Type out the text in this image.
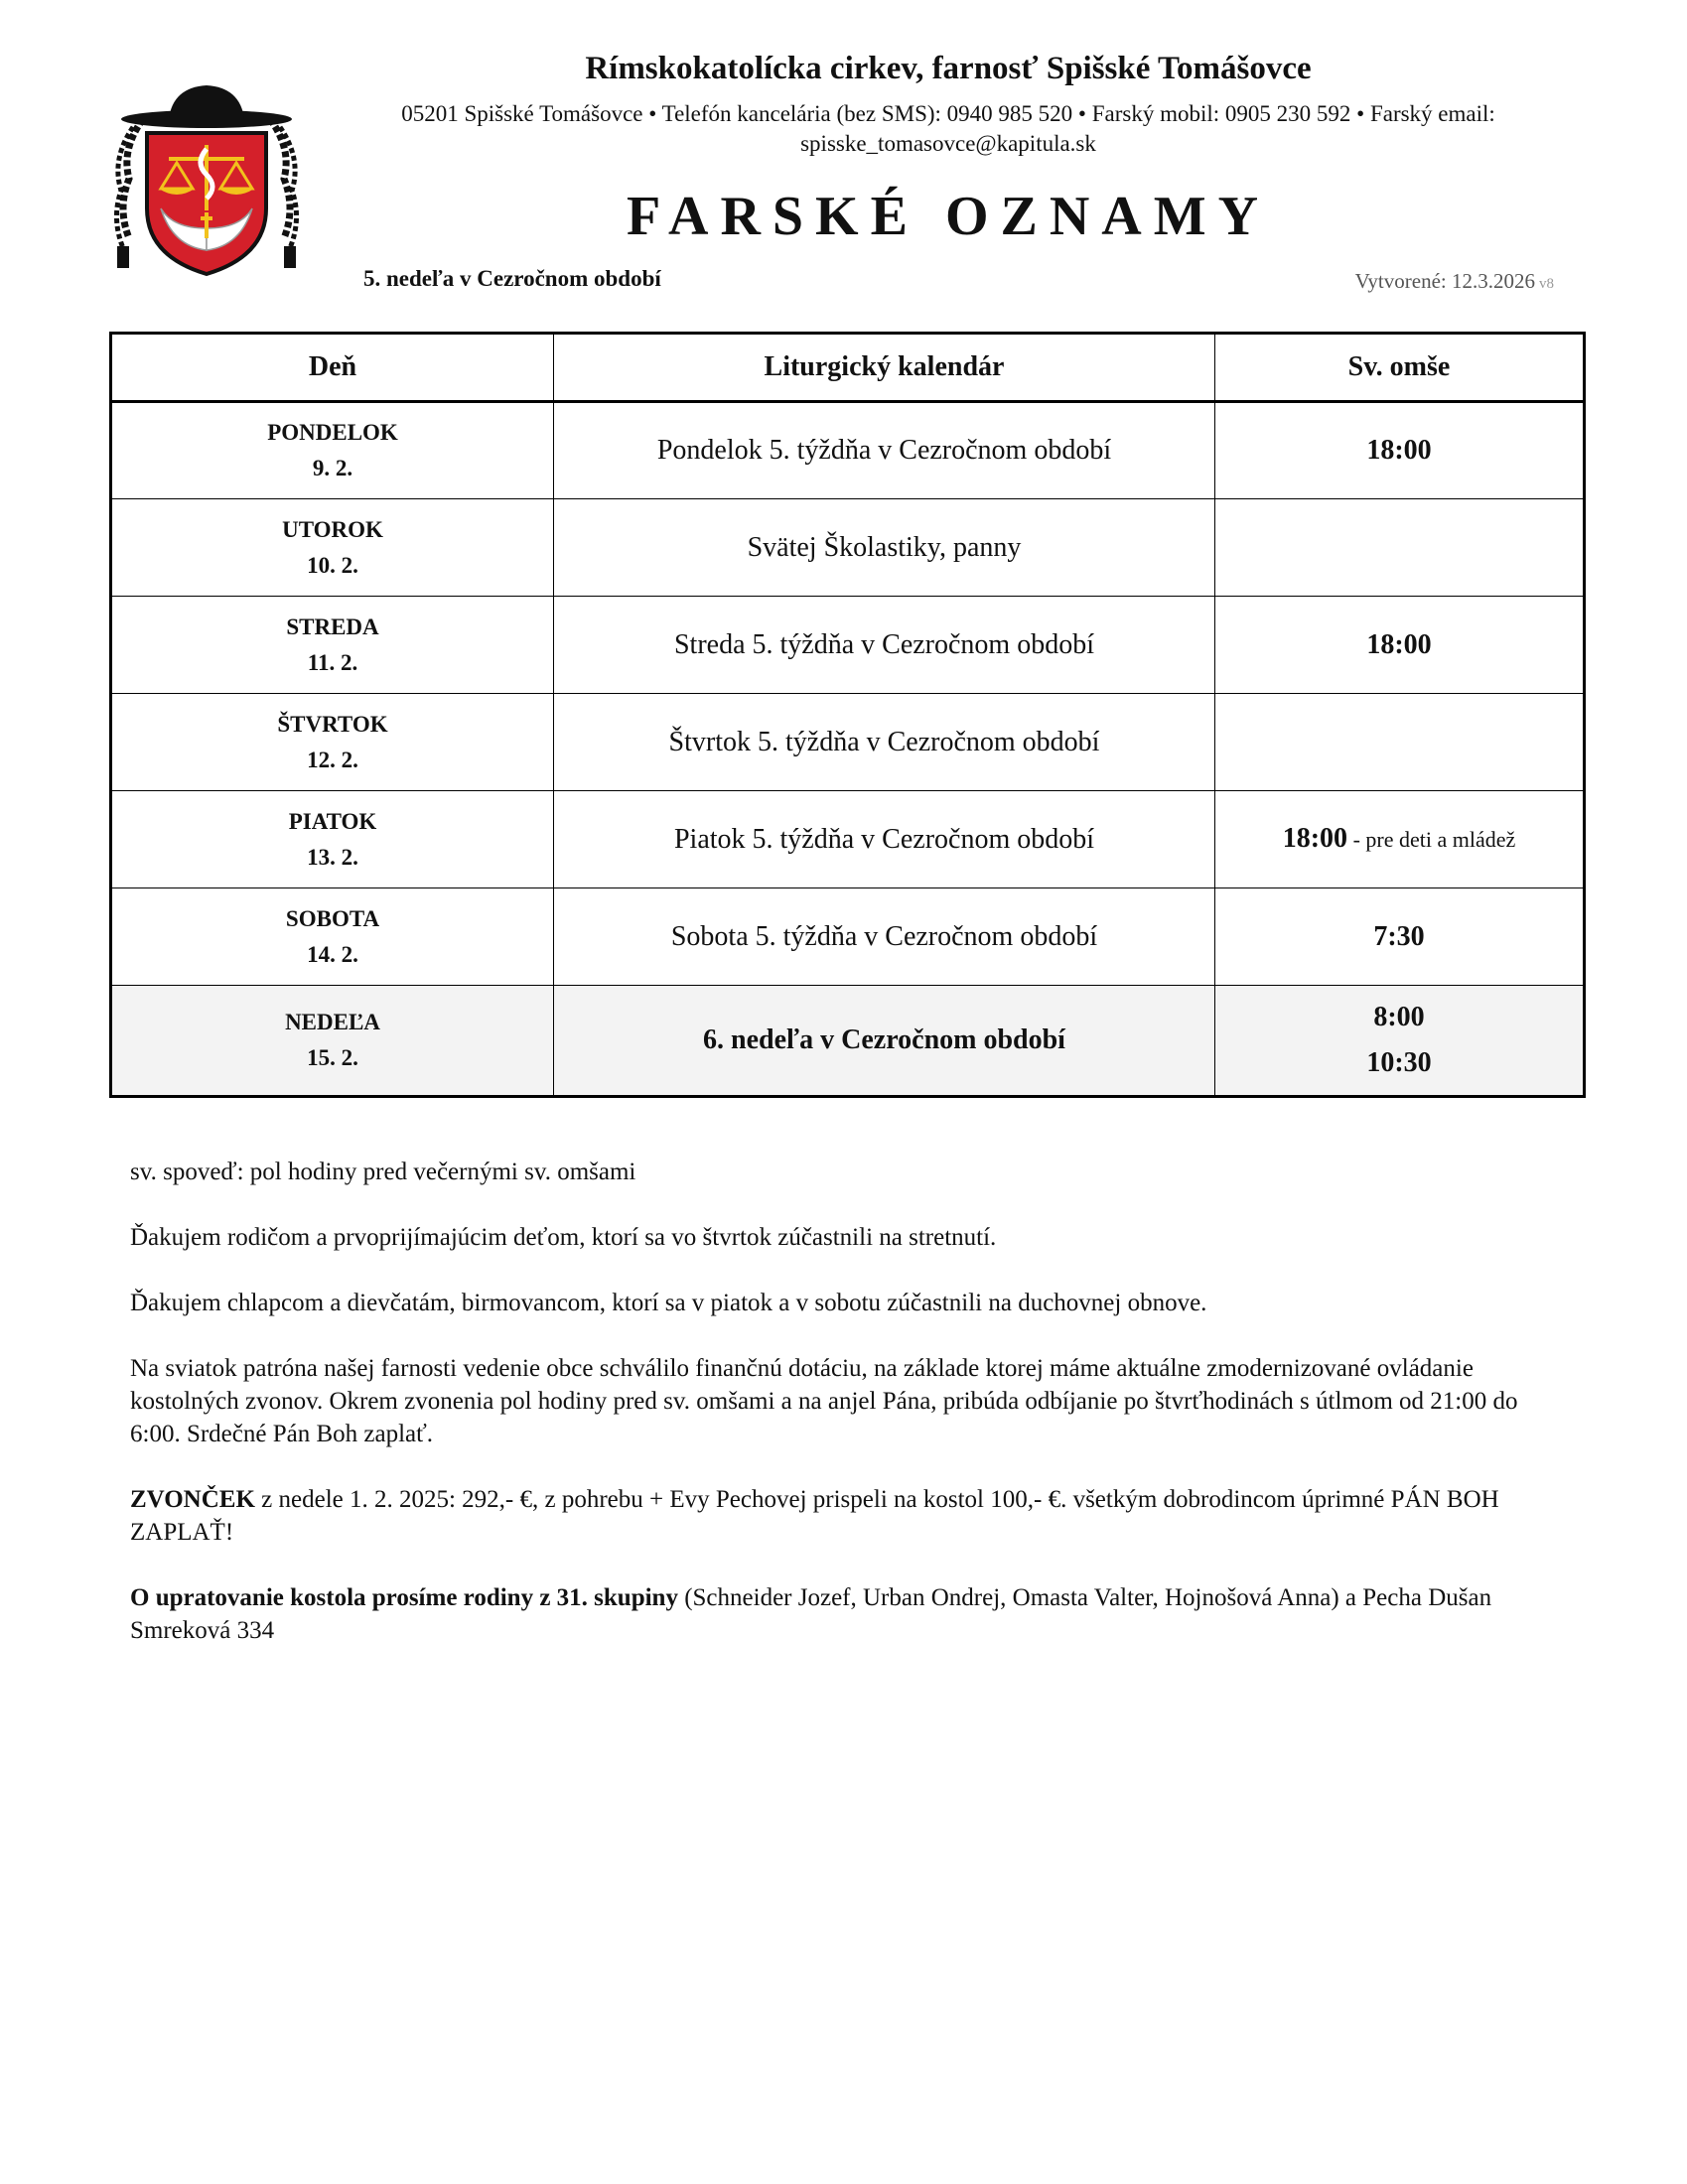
Rímskokatolícka cirkev, farnosť Spišské Tomášovce
05201 Spišské Tomášovce • Telefón kancelária (bez SMS): 0940 985 520 • Farský mobil: 0905 230 592 • Farský email: spisske_tomasovce@kapitula.sk
FARSKÉ OZNAMY
5. nedeľa v Cezročnom období	Vytvorené: 12.3.2026 v8
Deň	Liturgický kalendár	Sv. omše

PONDELOK
9. 2.	Pondelok 5. týždňa v Cezročnom období	18:00

UTOROK
10. 2.	Svätej Školastiky, panny	

STREDA
11. 2.	Streda 5. týždňa v Cezročnom období	18:00

ŠTVRTOK
12. 2.	Štvrtok 5. týždňa v Cezročnom období	

PIATOK
13. 2.	Piatok 5. týždňa v Cezročnom období	18:00 - pre deti a mládež

SOBOTA
14. 2.	Sobota 5. týždňa v Cezročnom období	7:30

NEDEĽA
15. 2.	6. nedeľa v Cezročnom období	8:00
10:30

sv. spoveď: pol hodiny pred večernými sv. omšami

Ďakujem rodičom a prvoprijímajúcim deťom, ktorí sa vo štvrtok zúčastnili na stretnutí.

Ďakujem chlapcom a dievčatám, birmovancom, ktorí sa v piatok a v sobotu zúčastnili na duchovnej obnove.

Na sviatok patróna našej farnosti vedenie obce schválilo finančnú dotáciu, na základe ktorej máme aktuálne zmodernizované ovládanie kostolných zvonov. Okrem zvonenia pol hodiny pred sv. omšami a na anjel Pána, pribúda odbíjanie po štvrťhodinách s útlmom od 21:00 do 6:00. Srdečné Pán Boh zaplať.

ZVONČEK z nedele 1. 2. 2025: 292,- €, z pohrebu + Evy Pechovej prispeli na kostol 100,- €. všetkým dobrodincom úprimné PÁN BOH ZAPLAŤ!

O upratovanie kostola prosíme rodiny z 31. skupiny (Schneider Jozef, Urban Ondrej, Omasta Valter, Hojnošová Anna) a Pecha Dušan Smreková 334
